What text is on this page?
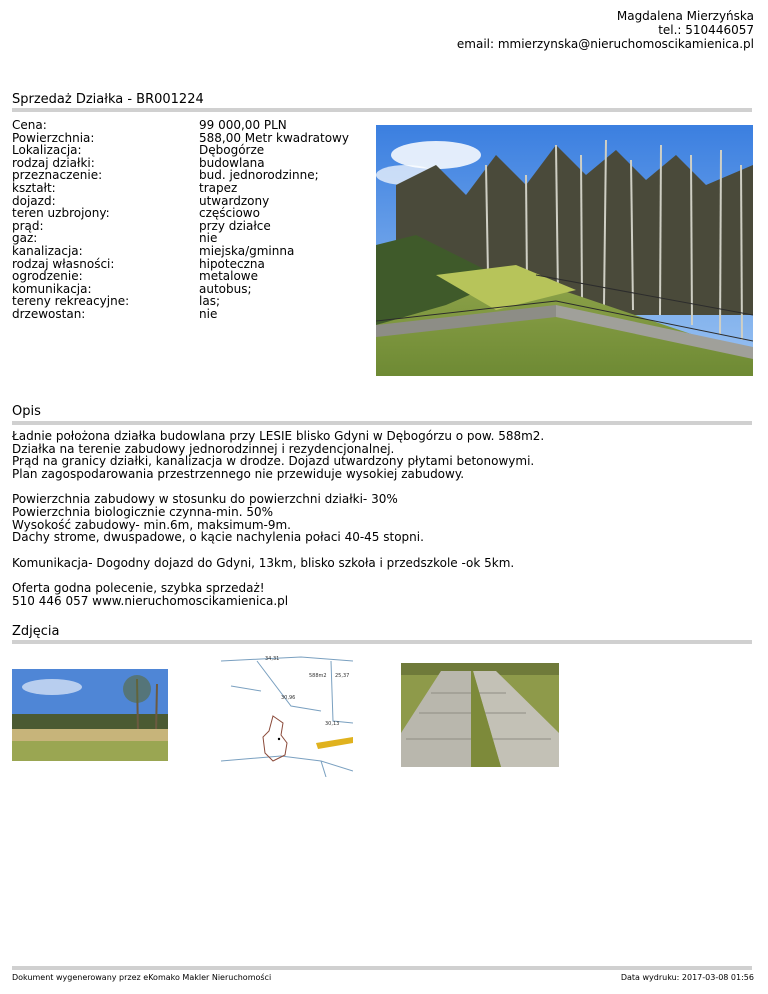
Magdalena Mierzyńska
tel.: 510446057
email: mmierzynska@nieruchomoscikamienica.pl
Sprzedaż Działka - BR001224
Cena:	99 000,00 PLN
Powierzchnia:	588,00 Metr kwadratowy
Lokalizacja:	Dębogórze
rodzaj działki:	budowlana
przeznaczenie:	bud. jednorodzinne;
kształt:	trapez
dojazd:	utwardzony
teren uzbrojony:	częściowo
prąd:	przy działce
gaz:	nie
kanalizacja:	miejska/gminna
rodzaj własności:	hipoteczna
ogrodzenie:	metalowe
komunikacja:	autobus;
tereny rekreacyjne:	las;
drzewostan:	nie
Opis

Ładnie położona działka budowlana przy LESIE blisko Gdyni w Dębogórzu o pow. 588m2.
Działka na terenie zabudowy jednorodzinnej i rezydencjonalnej.
Prąd na granicy działki, kanalizacja w drodze. Dojazd utwardzony płytami betonowymi.
Plan zagospodarowania przestrzennego nie przewiduje wysokiej zabudowy.

Powierzchnia zabudowy w stosunku do powierzchni działki- 30%
Powierzchnia biologicznie czynna-min. 50%
Wysokość zabudowy- min.6m, maksimum-9m.
Dachy strome, dwuspadowe, o kącie nachylenia połaci 40-45 stopni.

Komunikacja- Dogodny dojazd do Gdyni, 13km, blisko szkoła i przedszkole -ok 5km.

Oferta godna polecenie, szybka sprzedaż!
510 446 057 www.nieruchomoscikamienica.pl

Zdjęcia
34,31
588m2 25,37
30,96
30,13
Dokument wygenerowany przez eKomako Makler Nieruchomości	Data wydruku: 2017-03-08 01:56
